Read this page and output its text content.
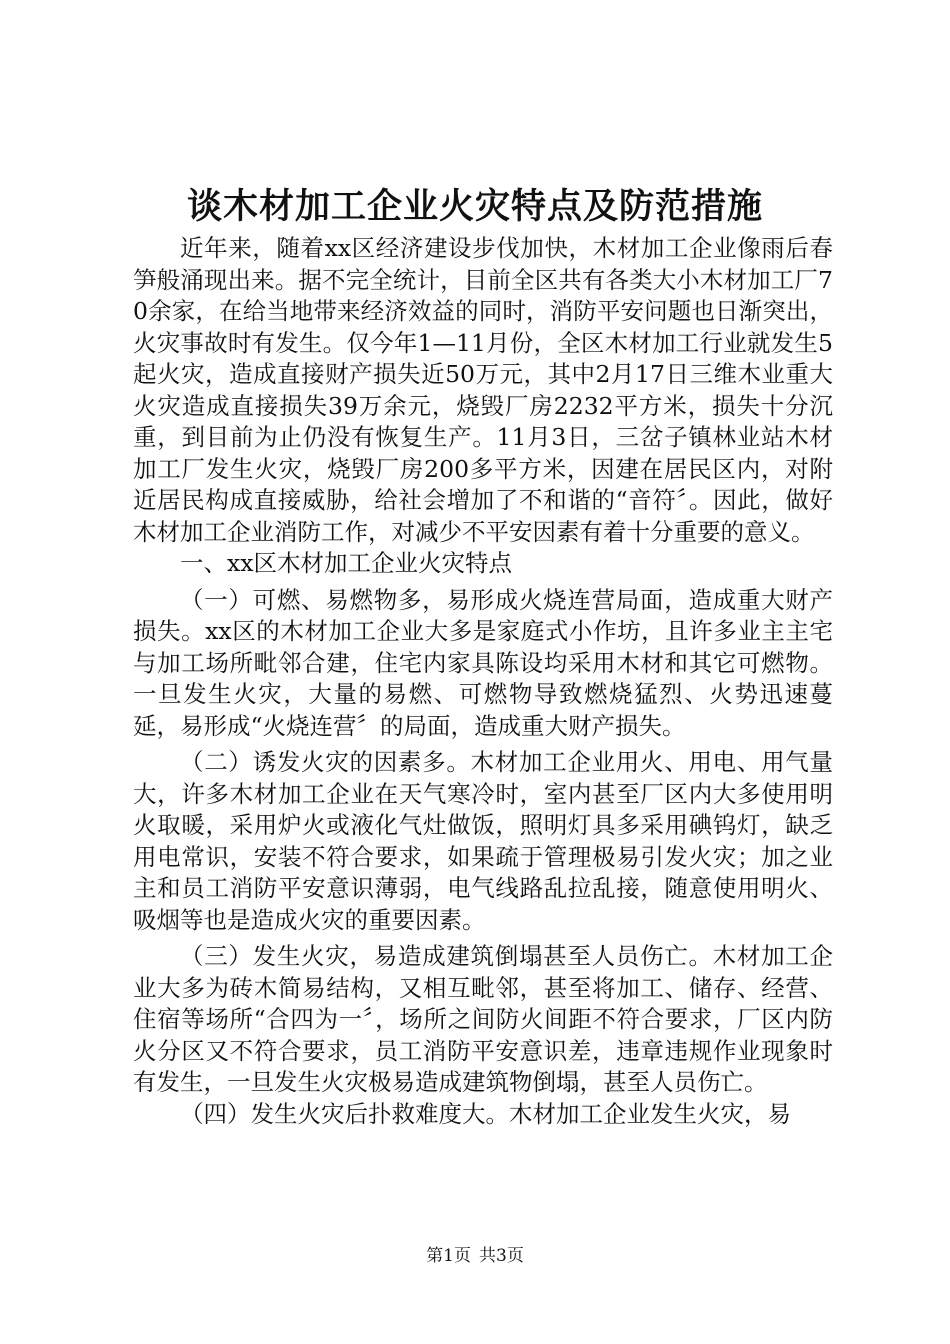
谈木材加工企业火灾特点及防范措施

近年来，随着xx区经济建设步伐加快，木材加工企业像雨后春笋般涌现出来。据不完全统计，目前全区共有各类大小木材加工厂70余家，在给当地带来经济效益的同时，消防平安问题也日渐突出，火灾事故时有发生。仅今年1—11月份，全区木材加工行业就发生5起火灾，造成直接财产损失近50万元，其中2月17日三维木业重大火灾造成直接损失39万余元，烧毁厂房2232平方米，损失十分沉重，到目前为止仍没有恢复生产。11月3日，三岔子镇林业站木材加工厂发生火灾，烧毁厂房200多平方米，因建在居民区内，对附近居民构成直接威胁，给社会增加了不和谐的“音符〞。因此，做好木材加工企业消防工作，对减少不平安因素有着十分重要的意义。

一、xx区木材加工企业火灾特点

（一）可燃、易燃物多，易形成火烧连营局面，造成重大财产损失。xx区的木材加工企业大多是家庭式小作坊，且许多业主主宅与加工场所毗邻合建，住宅内家具陈设均采用木材和其它可燃物。一旦发生火灾，大量的易燃、可燃物导致燃烧猛烈、火势迅速蔓延，易形成“火烧连营〞的局面，造成重大财产损失。

（二）诱发火灾的因素多。木材加工企业用火、用电、用气量大，许多木材加工企业在天气寒冷时，室内甚至厂区内大多使用明火取暖，采用炉火或液化气灶做饭，照明灯具多采用碘钨灯，缺乏用电常识，安装不符合要求，如果疏于管理极易引发火灾；加之业主和员工消防平安意识薄弱，电气线路乱拉乱接，随意使用明火、吸烟等也是造成火灾的重要因素。

（三）发生火灾，易造成建筑倒塌甚至人员伤亡。木材加工企业大多为砖木简易结构，又相互毗邻，甚至将加工、储存、经营、住宿等场所“合四为一〞，场所之间防火间距不符合要求，厂区内防火分区又不符合要求，员工消防平安意识差，违章违规作业现象时有发生，一旦发生火灾极易造成建筑物倒塌，甚至人员伤亡。

（四）发生火灾后扑救难度大。木材加工企业发生火灾，易

第1页 共3页
